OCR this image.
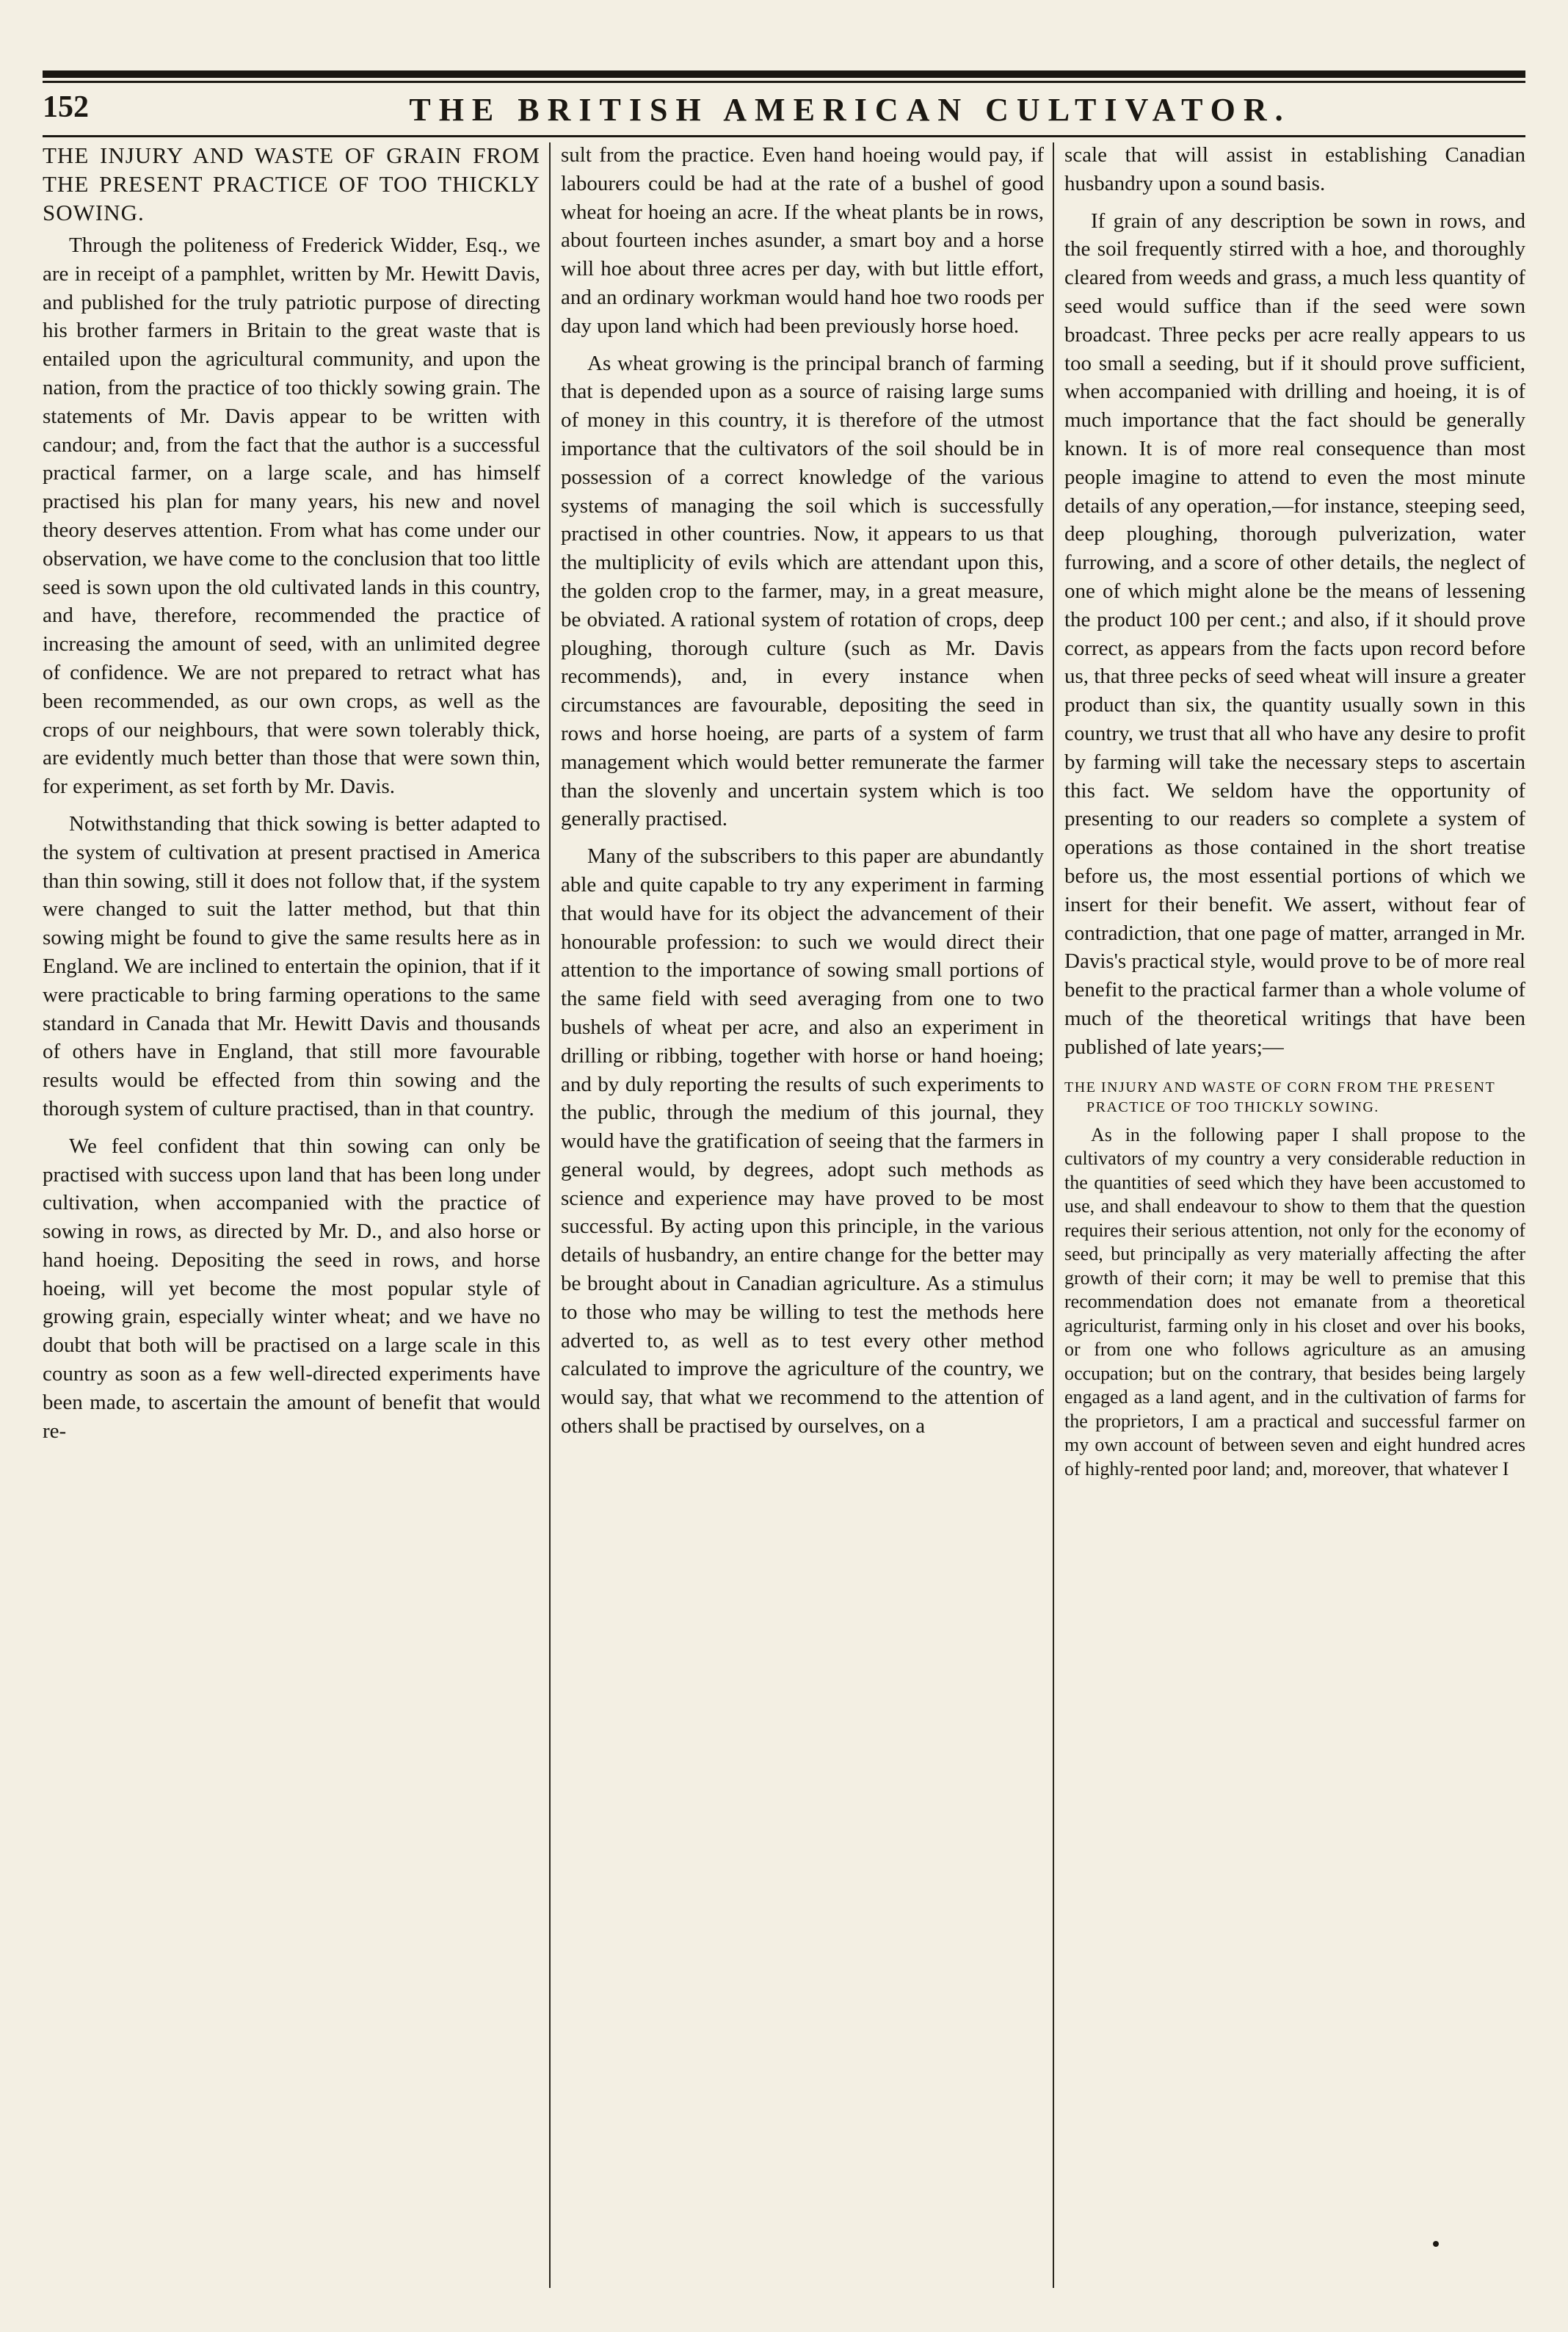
152	THE BRITISH AMERICAN CULTIVATOR.
THE INJURY AND WASTE OF GRAIN FROM THE PRESENT PRACTICE OF TOO THICKLY SOWING.

Through the politeness of Frederick Widder, Esq., we are in receipt of a pamphlet, written by Mr. Hewitt Davis, and published for the truly patriotic purpose of directing his brother farmers in Britain to the great waste that is entailed upon the agricultural community, and upon the nation, from the practice of too thickly sowing grain. The statements of Mr. Davis appear to be written with candour; and, from the fact that the author is a successful practical farmer, on a large scale, and has himself practised his plan for many years, his new and novel theory deserves attention. From what has come under our observation, we have come to the conclusion that too little seed is sown upon the old cultivated lands in this country, and have, therefore, recommended the practice of increasing the amount of seed, with an unlimited degree of confidence. We are not prepared to retract what has been recommended, as our own crops, as well as the crops of our neighbours, that were sown tolerably thick, are evidently much better than those that were sown thin, for experiment, as set forth by Mr. Davis.

Notwithstanding that thick sowing is better adapted to the system of cultivation at present practised in America than thin sowing, still it does not follow that, if the system were changed to suit the latter method, but that thin sowing might be found to give the same results here as in England. We are inclined to entertain the opinion, that if it were practicable to bring farming operations to the same standard in Canada that Mr. Hewitt Davis and thousands of others have in England, that still more favourable results would be effected from thin sowing and the thorough system of culture practised, than in that country.

We feel confident that thin sowing can only be practised with success upon land that has been long under cultivation, when accompanied with the practice of sowing in rows, as directed by Mr. D., and also horse or hand hoeing. Depositing the seed in rows, and horse hoeing, will yet become the most popular style of growing grain, especially winter wheat; and we have no doubt that both will be practised on a large scale in this country as soon as a few well-directed experiments have been made, to ascertain the amount of benefit that would re-

sult from the practice. Even hand hoeing would pay, if labourers could be had at the rate of a bushel of good wheat for hoeing an acre. If the wheat plants be in rows, about fourteen inches asunder, a smart boy and a horse will hoe about three acres per day, with but little effort, and an ordinary workman would hand hoe two roods per day upon land which had been previously horse hoed.

As wheat growing is the principal branch of farming that is depended upon as a source of raising large sums of money in this country, it is therefore of the utmost importance that the cultivators of the soil should be in possession of a correct knowledge of the various systems of managing the soil which is successfully practised in other countries. Now, it appears to us that the multiplicity of evils which are attendant upon this, the golden crop to the farmer, may, in a great measure, be obviated. A rational system of rotation of crops, deep ploughing, thorough culture (such as Mr. Davis recommends), and, in every instance when circumstances are favourable, depositing the seed in rows and horse hoeing, are parts of a system of farm management which would better remunerate the farmer than the slovenly and uncertain system which is too generally practised.

Many of the subscribers to this paper are abundantly able and quite capable to try any experiment in farming that would have for its object the advancement of their honourable profession: to such we would direct their attention to the importance of sowing small portions of the same field with seed averaging from one to two bushels of wheat per acre, and also an experiment in drilling or ribbing, together with horse or hand hoeing; and by duly reporting the results of such experiments to the public, through the medium of this journal, they would have the gratification of seeing that the farmers in general would, by degrees, adopt such methods as science and experience may have proved to be most successful. By acting upon this principle, in the various details of husbandry, an entire change for the better may be brought about in Canadian agriculture. As a stimulus to those who may be willing to test the methods here adverted to, as well as to test every other method calculated to improve the agriculture of the country, we would say, that what we recommend to the attention of others shall be practised by ourselves, on a

scale that will assist in establishing Canadian husbandry upon a sound basis.

If grain of any description be sown in rows, and the soil frequently stirred with a hoe, and thoroughly cleared from weeds and grass, a much less quantity of seed would suffice than if the seed were sown broadcast. Three pecks per acre really appears to us too small a seeding, but if it should prove sufficient, when accompanied with drilling and hoeing, it is of much importance that the fact should be generally known. It is of more real consequence than most people imagine to attend to even the most minute details of any operation,—for instance, steeping seed, deep ploughing, thorough pulverization, water furrowing, and a score of other details, the neglect of one of which might alone be the means of lessening the product 100 per cent.; and also, if it should prove correct, as appears from the facts upon record before us, that three pecks of seed wheat will insure a greater product than six, the quantity usually sown in this country, we trust that all who have any desire to profit by farming will take the necessary steps to ascertain this fact. We seldom have the opportunity of presenting to our readers so complete a system of operations as those contained in the short treatise before us, the most essential portions of which we insert for their benefit. We assert, without fear of contradiction, that one page of matter, arranged in Mr. Davis's practical style, would prove to be of more real benefit to the practical farmer than a whole volume of much of the theoretical writings that have been published of late years;—

THE INJURY AND WASTE OF CORN FROM THE PRESENT PRACTICE OF TOO THICKLY SOWING.

As in the following paper I shall propose to the cultivators of my country a very considerable reduction in the quantities of seed which they have been accustomed to use, and shall endeavour to show to them that the question requires their serious attention, not only for the economy of seed, but principally as very materially affecting the after growth of their corn; it may be well to premise that this recommendation does not emanate from a theoretical agriculturist, farming only in his closet and over his books, or from one who follows agriculture as an amusing occupation; but on the contrary, that besides being largely engaged as a land agent, and in the cultivation of farms for the proprietors, I am a practical and successful farmer on my own account of between seven and eight hundred acres of highly-rented poor land; and, moreover, that whatever I
